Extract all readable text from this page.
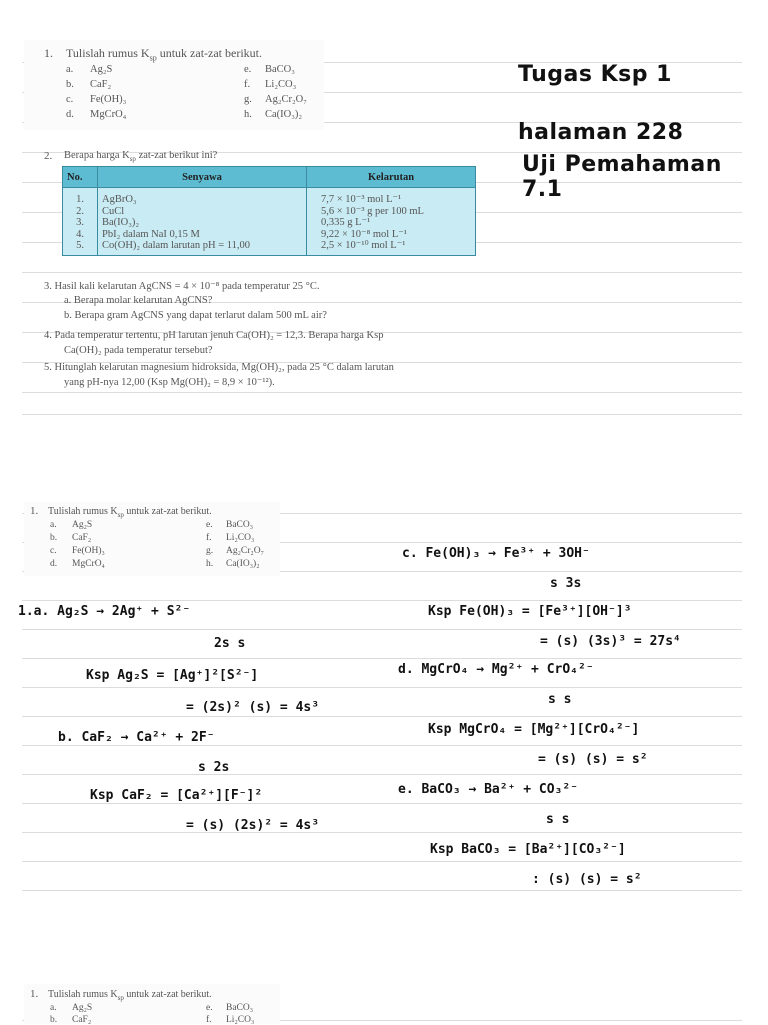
1. Tulislah rumus $K_{sp}$ untuk zat-zat berikut.
a. Ag₂S
b. CaF₂
c. Fe(OH)₃
d. MgCrO₄
e. BaCO₃
f. Li₂CO₃
g. Ag₂Cr₂O₇
h. Ca(IO₃)₂
Tugas Ksp 1
halaman 228
Uji Pemahaman 7.1
2. Berapa harga $K_{sp}$ zat-zat berikut ini?
No.	Senyawa	Kelarutan
1.	AgBrO₃	7,7 × 10⁻³ mol L⁻¹
2.	CuCl	5,6 × 10⁻³ g per 100 mL
3.	Ba(IO₃)₂	0,335 g L⁻¹
4.	PbI₂ dalam NaI 0,15 M	9,22 × 10⁻⁸ mol L⁻¹
5.	Co(OH)₂ dalam larutan pH = 11,00	2,5 × 10⁻¹⁰ mol L⁻¹
3. Hasil kali kelarutan AgCNS = 4 × 10⁻⁸ pada temperatur 25 °C.
a. Berapa molar kelarutan AgCNS?
b. Berapa gram AgCNS yang dapat terlarut dalam 500 mL air?
4. Pada temperatur tertentu, pH larutan jenuh Ca(OH)₂ = 12,3. Berapa harga Ksp
Ca(OH)₂ pada temperatur tersebut?
5. Hitunglah kelarutan magnesium hidroksida, Mg(OH)₂, pada 25 °C dalam larutan
yang pH-nya 12,00 (Ksp Mg(OH)₂ = 8,9 × 10⁻¹²).
1. Tulislah rumus $K_{sp}$ untuk zat-zat berikut.
a. Ag₂S
b. CaF₂
c. Fe(OH)₃
d. MgCrO₄
e. BaCO₃
f. Li₂CO₃
g. Ag₂Cr₂O₇
h. Ca(IO₃)₂
1.a. Ag₂S → 2Ag⁺ + S²⁻
2s s
Ksp Ag₂S = [Ag⁺]²[S²⁻]
= (2s)² (s) = 4s³
b. CaF₂ → Ca²⁺ + 2F⁻
s 2s
Ksp CaF₂ = [Ca²⁺][F⁻]²
= (s) (2s)² = 4s³
c. Fe(OH)₃ → Fe³⁺ + 3OH⁻
s 3s
Ksp Fe(OH)₃ = [Fe³⁺][OH⁻]³
= (s) (3s)³ = 27s⁴
d. MgCrO₄ → Mg²⁺ + CrO₄²⁻
s s
Ksp MgCrO₄ = [Mg²⁺][CrO₄²⁻]
= (s) (s) = s²
e. BaCO₃ → Ba²⁺ + CO₃²⁻
s s
Ksp BaCO₃ = [Ba²⁺][CO₃²⁻]
: (s) (s) = s²
1. Tulislah rumus $K_{sp}$ untuk zat-zat berikut.
a. Ag₂S
b. CaF₂
e. BaCO₃
f. Li₂CO₃
